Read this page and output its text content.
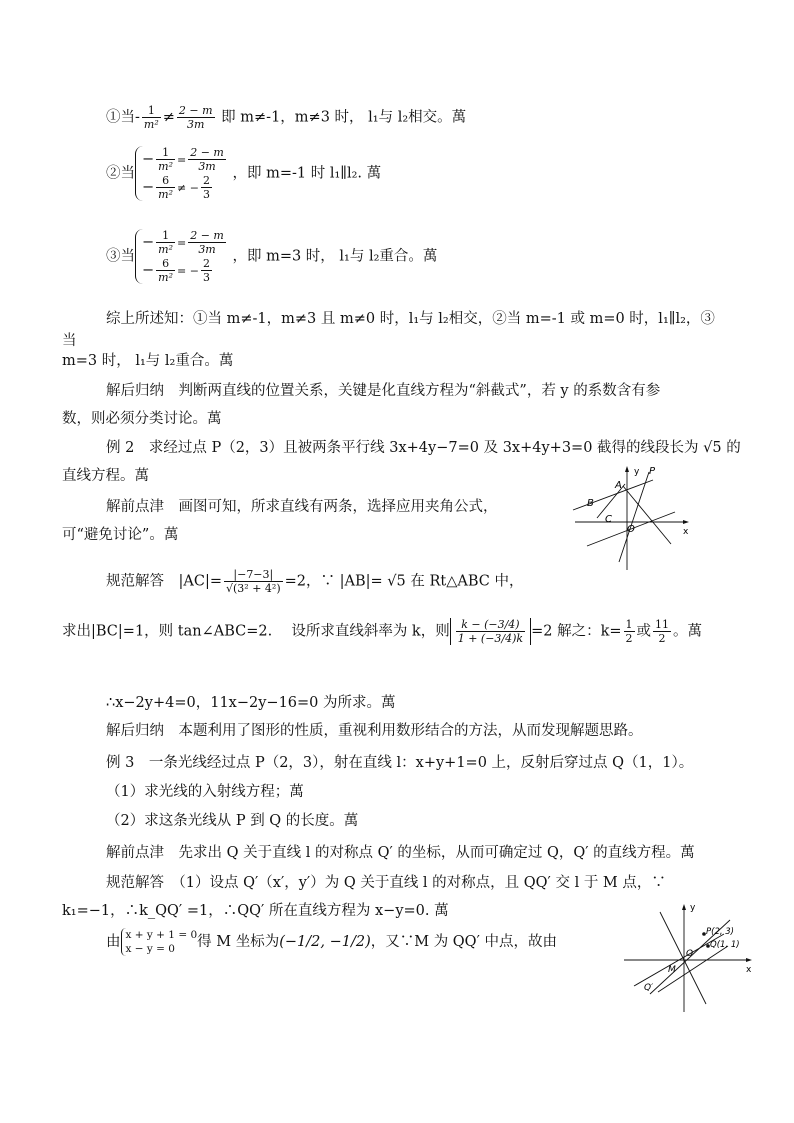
①当- $\frac{1}{\text{m²}} \ne \frac{2 - m}{3m}$ 即 m≠-1，m≠3 时， l₁与 l₂相交。萬
②当
− $\frac{1}{\text{m²}} = \frac{2 - m}{3m}$
− $\frac{6}{\text{m²}}$ ≠ − $\frac{2}{3}$ ，即 m=-1 时 l₁∥l₂. 萬
③当
− $\frac{1}{\text{m²}} = \frac{2 - m}{3m}$
− $\frac{6}{\text{m²}}$ = − $\frac{2}{3}$ ，即 m=3 时， l₁与 l₂重合。萬
综上所述知：①当 m≠-1，m≠3 且 m≠0 时，l₁与 l₂相交，②当 m=-1 或 m=0 时，l₁∥l₂，③
当
m=3 时， l₁与 l₂重合。萬
解后归纳　判断两直线的位置关系，关键是化直线方程为“斜截式”，若 y 的系数含有参
数，则必须分类讨论。萬
例 2　求经过点 P（2，3）且被两条平行线 3x+4y−7=0 及 3x+4y+3=0 截得的线段长为 √5 的
直线方程。萬
解前点津　画图可知，所求直线有两条，选择应用夹角公式，
可“避免讨论”。萬
y
x
P
A
B
C
O
规范解答　$|AC|= \frac{|-7-3|}{\text{√(3² + 4²)}} =2$，∵ |AB|= √5 在 Rt△ABC 中，
求出|BC|=1，则 tan∠ABC=2.　 设所求直线斜率为 k，则 $\frac{k - (-3/4)}{1 + (-3/4)k} =2$ 解之：$k= \frac{1}{2}$ 或 $\frac{11}{2}$ 。萬
∴x−2y+4=0，11x−2y−16=0 为所求。萬
解后归纳　本题利用了图形的性质，重视利用数形结合的方法，从而发现解题思路。
例 3　一条光线经过点 P（2，3），射在直线 l：x+y+1=0 上，反射后穿过点 Q（1，1）。
（1）求光线的入射线方程；萬
（2）求这条光线从 P 到 Q 的长度。萬
解前点津　先求出 Q 关于直线 l 的对称点 Q′ 的坐标，从而可确定过 Q，Q′ 的直线方程。萬
规范解答　（1）设点 Q′（x′，y′）为 Q 关于直线 l 的对称点，且 QQ′ 交 l 于 M 点，∵
k₁=−1，∴k_QQ′ =1，∴QQ′ 所在直线方程为 x−y=0. 萬
由 x + y + 1 = 0
x − y = 0	得 M 坐标为(−1/2, −1/2)，又∵M 为 QQ′ 中点，故由
y
x
P(2, 3)
Q(1, 1)
O
M
Q′
